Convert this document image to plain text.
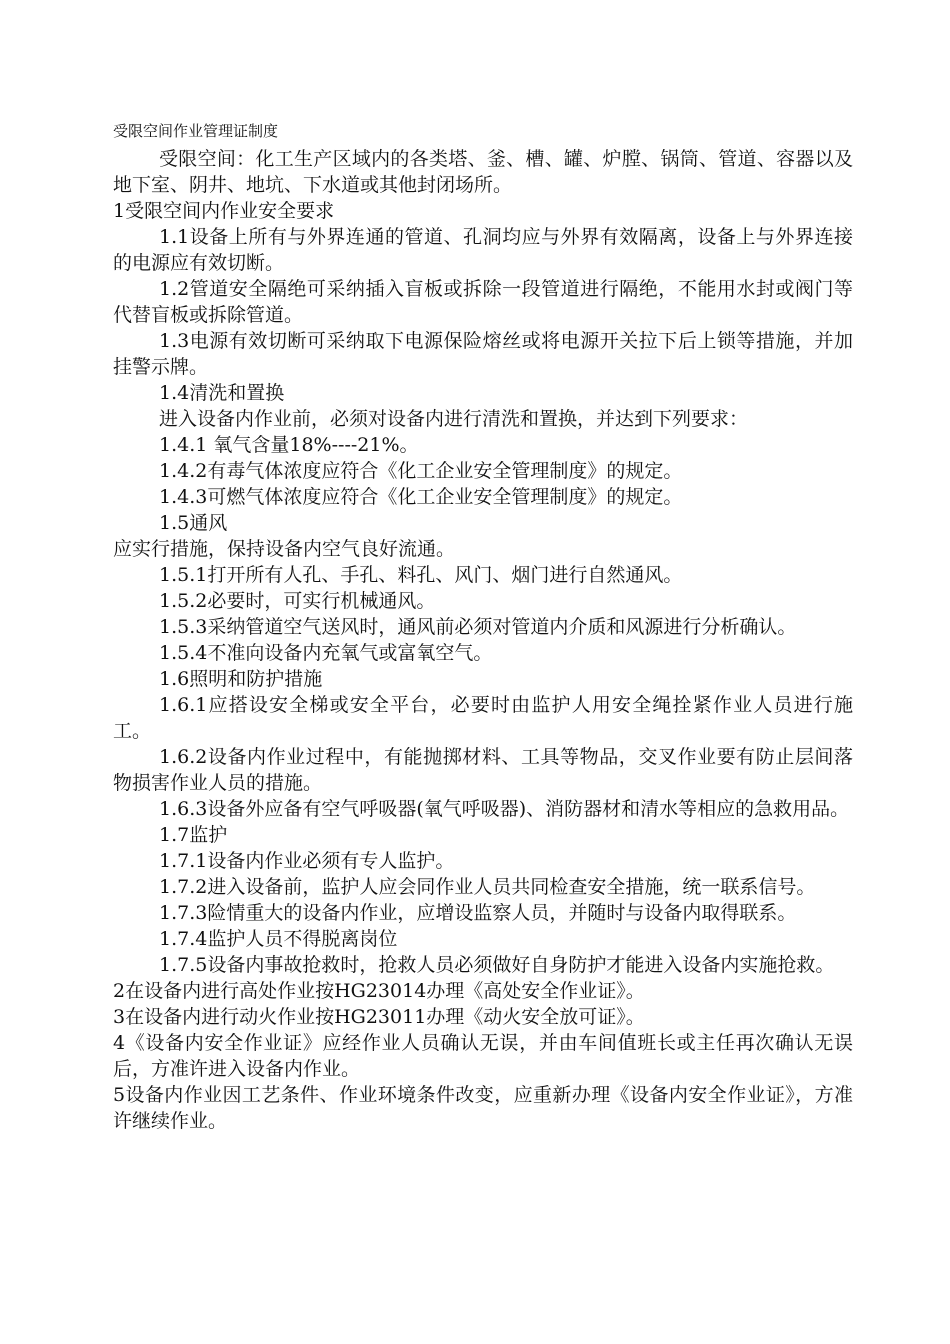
受限空间作业管理证制度

受限空间：化工生产区域内的各类塔、釜、槽、罐、炉膛、锅筒、管道、容器以及地下室、阴井、地坑、下水道或其他封闭场所。

1受限空间内作业安全要求

1.1设备上所有与外界连通的管道、孔洞均应与外界有效隔离，设备上与外界连接的电源应有效切断。

1.2管道安全隔绝可采纳插入盲板或拆除一段管道进行隔绝，不能用水封或阀门等代替盲板或拆除管道。

1.3电源有效切断可采纳取下电源保险熔丝或将电源开关拉下后上锁等措施，并加挂警示牌。

1.4清洗和置换

进入设备内作业前，必须对设备内进行清洗和置换，并达到下列要求：

1.4.1 氧气含量18%----21%。

1.4.2有毒气体浓度应符合《化工企业安全管理制度》的规定。

1.4.3可燃气体浓度应符合《化工企业安全管理制度》的规定。

1.5通风

应实行措施，保持设备内空气良好流通。

1.5.1打开所有人孔、手孔、料孔、风门、烟门进行自然通风。

1.5.2必要时，可实行机械通风。

1.5.3采纳管道空气送风时，通风前必须对管道内介质和风源进行分析确认。

1.5.4不准向设备内充氧气或富氧空气。

1.6照明和防护措施

1.6.1应搭设安全梯或安全平台，必要时由监护人用安全绳拴紧作业人员进行施工。

1.6.2设备内作业过程中，有能抛掷材料、工具等物品，交叉作业要有防止层间落物损害作业人员的措施。

1.6.3设备外应备有空气呼吸器(氧气呼吸器)、消防器材和清水等相应的急救用品。

1.7监护

1.7.1设备内作业必须有专人监护。

1.7.2进入设备前，监护人应会同作业人员共同检查安全措施，统一联系信号。

1.7.3险情重大的设备内作业，应增设监察人员，并随时与设备内取得联系。

1.7.4监护人员不得脱离岗位

1.7.5设备内事故抢救时，抢救人员必须做好自身防护才能进入设备内实施抢救。

2在设备内进行高处作业按HG23014办理《高处安全作业证》。

3在设备内进行动火作业按HG23011办理《动火安全放可证》。

4《设备内安全作业证》应经作业人员确认无误，并由车间值班长或主任再次确认无误后，方准许进入设备内作业。

5设备内作业因工艺条件、作业环境条件改变，应重新办理《设备内安全作业证》，方准许继续作业。
